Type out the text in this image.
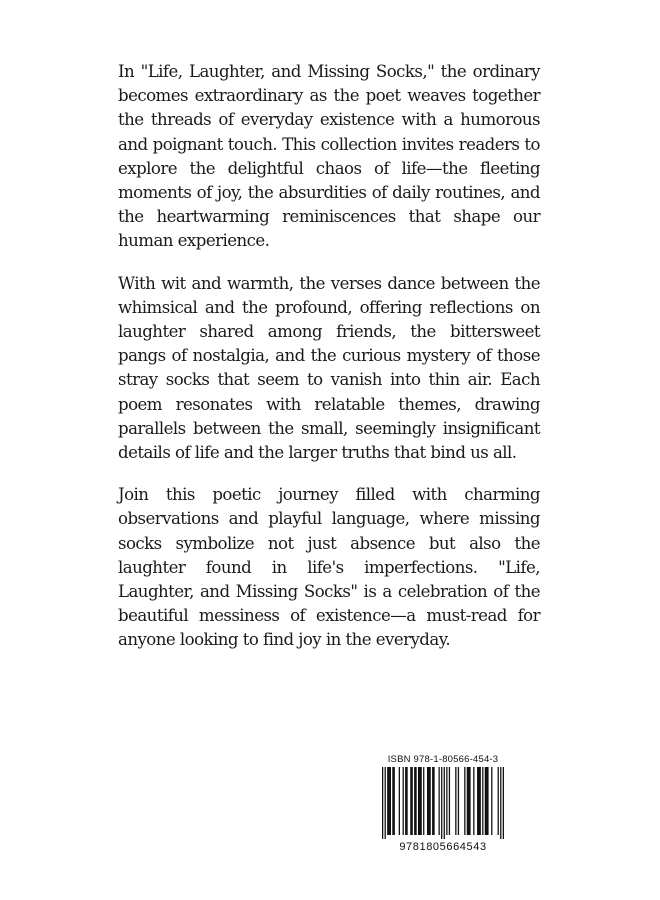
In "Life, Laughter, and Missing Socks," the ordinary becomes extraordinary as the poet weaves together the threads of everyday existence with a humorous and poignant touch. This collection invites readers to explore the delightful chaos of life—the fleeting moments of joy, the absurdities of daily routines, and the heartwarming reminiscences that shape our human experience.

With wit and warmth, the verses dance between the whimsical and the profound, offering reflections on laughter shared among friends, the bittersweet pangs of nostalgia, and the curious mystery of those stray socks that seem to vanish into thin air. Each poem resonates with relatable themes, drawing parallels between the small, seemingly insignificant details of life and the larger truths that bind us all.

Join this poetic journey filled with charming observations and playful language, where missing socks symbolize not just absence but also the laughter found in life's imperfections. "Life, Laughter, and Missing Socks" is a celebration of the beautiful messiness of existence—a must-read for anyone looking to find joy in the everyday.

ISBN 978-1-80566-454-3
9781805664543
